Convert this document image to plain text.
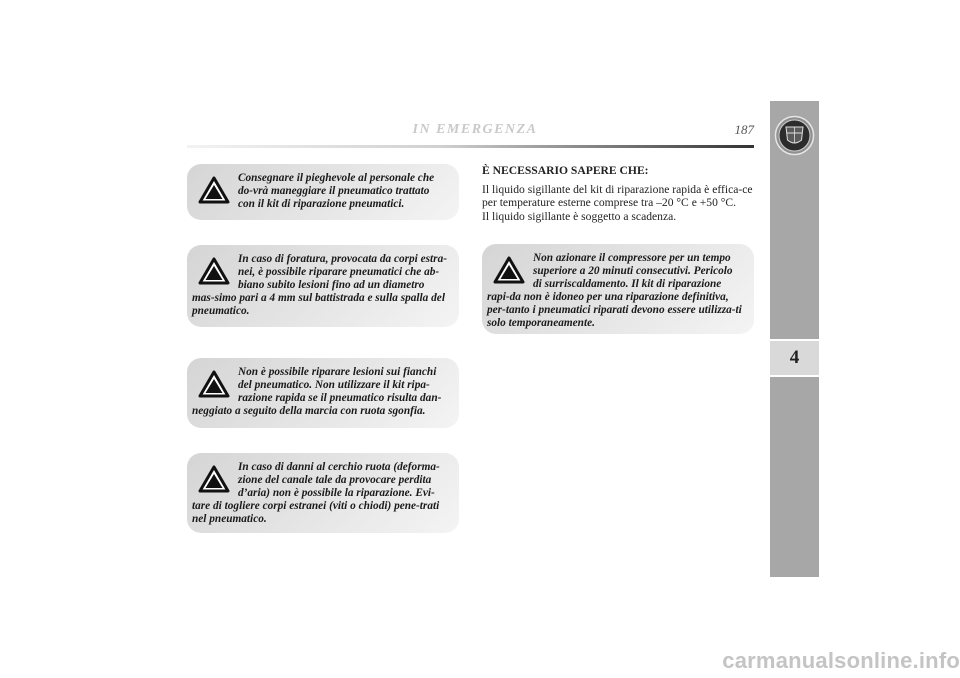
IN EMERGENZA	187
Consegnare il pieghevole al personale che do-vrà maneggiare il pneumatico trattato con il kit di riparazione pneumatici.
In caso di foratura, provocata da corpi estra-nei, è possibile riparare pneumatici che ab-biano subito lesioni fino ad un diametro mas-simo pari a 4 mm sul battistrada e sulla spalla del pneumatico.
Non è possibile riparare lesioni sui fianchi del pneumatico. Non utilizzare il kit ripa-razione rapida se il pneumatico risulta dan-neggiato a seguito della marcia con ruota sgonfia.
In caso di danni al cerchio ruota (deforma-zione del canale tale da provocare perdita d’aria) non è possibile la riparazione. Evi-tare di togliere corpi estranei (viti o chiodi) pene-trati nel pneumatico.
È NECESSARIO SAPERE CHE:
Il liquido sigillante del kit di riparazione rapida è effica-ce per temperature esterne comprese tra –20 °C e +50 °C.
Il liquido sigillante è soggetto a scadenza.
Non azionare il compressore per un tempo superiore a 20 minuti consecutivi. Pericolo di surriscaldamento. Il kit di riparazione rapi-da non è idoneo per una riparazione definitiva, per-tanto i pneumatici riparati devono essere utilizza-ti solo temporaneamente.
4
carmanualsonline.info
